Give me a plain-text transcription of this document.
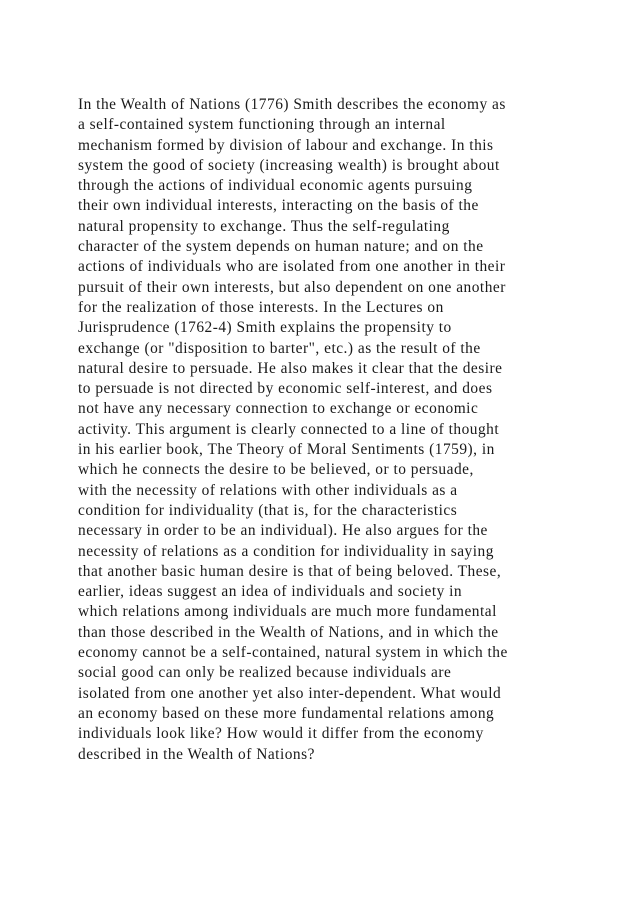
In the Wealth of Nations (1776) Smith describes the economy as
a self-contained system functioning through an internal
mechanism formed by division of labour and exchange. In this
system the good of society (increasing wealth) is brought about
through the actions of individual economic agents pursuing
their own individual interests, interacting on the basis of the
natural propensity to exchange. Thus the self-regulating
character of the system depends on human nature; and on the
actions of individuals who are isolated from one another in their
pursuit of their own interests, but also dependent on one another
for the realization of those interests. In the Lectures on
Jurisprudence (1762-4) Smith explains the propensity to
exchange (or "disposition to barter", etc.) as the result of the
natural desire to persuade. He also makes it clear that the desire
to persuade is not directed by economic self-interest, and does
not have any necessary connection to exchange or economic
activity. This argument is clearly connected to a line of thought
in his earlier book, The Theory of Moral Sentiments (1759), in
which he connects the desire to be believed, or to persuade,
with the necessity of relations with other individuals as a
condition for individuality (that is, for the characteristics
necessary in order to be an individual). He also argues for the
necessity of relations as a condition for individuality in saying
that another basic human desire is that of being beloved. These,
earlier, ideas suggest an idea of individuals and society in
which relations among individuals are much more fundamental
than those described in the Wealth of Nations, and in which the
economy cannot be a self-contained, natural system in which the
social good can only be realized because individuals are
isolated from one another yet also inter-dependent. What would
an economy based on these more fundamental relations among
individuals look like? How would it differ from the economy
described in the Wealth of Nations?
